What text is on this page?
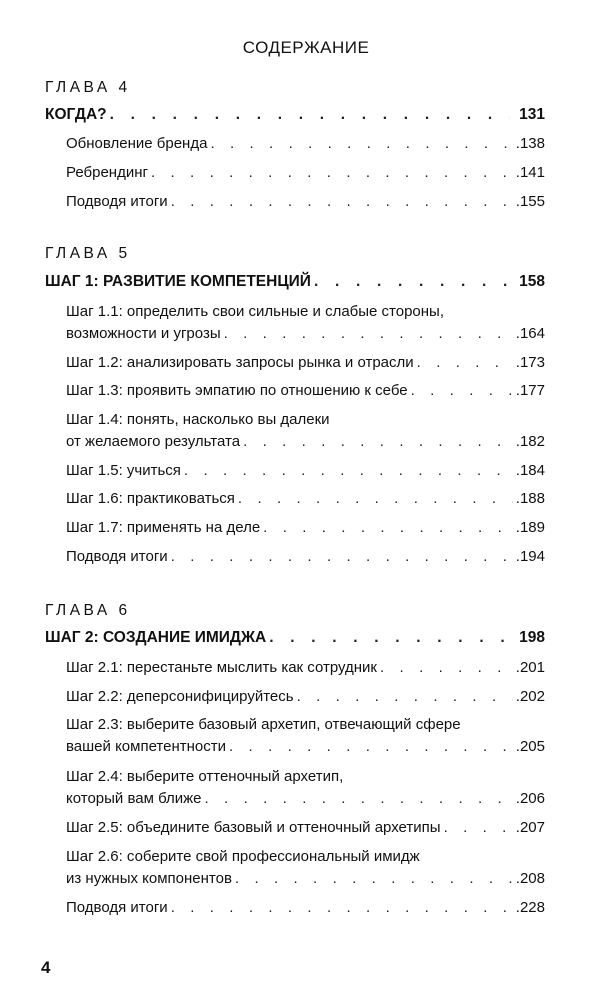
СОДЕРЖАНИЕ
ГЛАВА 4
КОГДА? . . .	131
Обновление бренда . . .	.138
Ребрендинг . . .	.141
Подводя итоги . . .	.155
ГЛАВА 5
ШАГ 1: РАЗВИТИЕ КОМПЕТЕНЦИЙ . . .	158
Шаг 1.1: определить свои сильные и слабые стороны,
возможности и угрозы . . .	.164
Шаг 1.2: анализировать запросы рынка и отрасли . . .	.173
Шаг 1.3: проявить эмпатию по отношению к себе . . .	.177
Шаг 1.4: понять, насколько вы далеки
от желаемого результата . . .	.182
Шаг 1.5: учиться . . .	.184
Шаг 1.6: практиковаться . . .	.188
Шаг 1.7: применять на деле . . .	.189
Подводя итоги . . .	.194
ГЛАВА 6
ШАГ 2: СОЗДАНИЕ ИМИДЖА . . .	198
Шаг 2.1: перестаньте мыслить как сотрудник . . .	.201
Шаг 2.2: деперсонифицируйтесь . . .	.202
Шаг 2.3: выберите базовый архетип, отвечающий сфере
вашей компетентности . . .	.205
Шаг 2.4: выберите оттеночный архетип,
который вам ближе . . .	.206
Шаг 2.5: объедините базовый и оттеночный архетипы . . .	.207
Шаг 2.6: соберите свой профессиональный имидж
из нужных компонентов . . .	.208
Подводя итоги . . .	.228
4
